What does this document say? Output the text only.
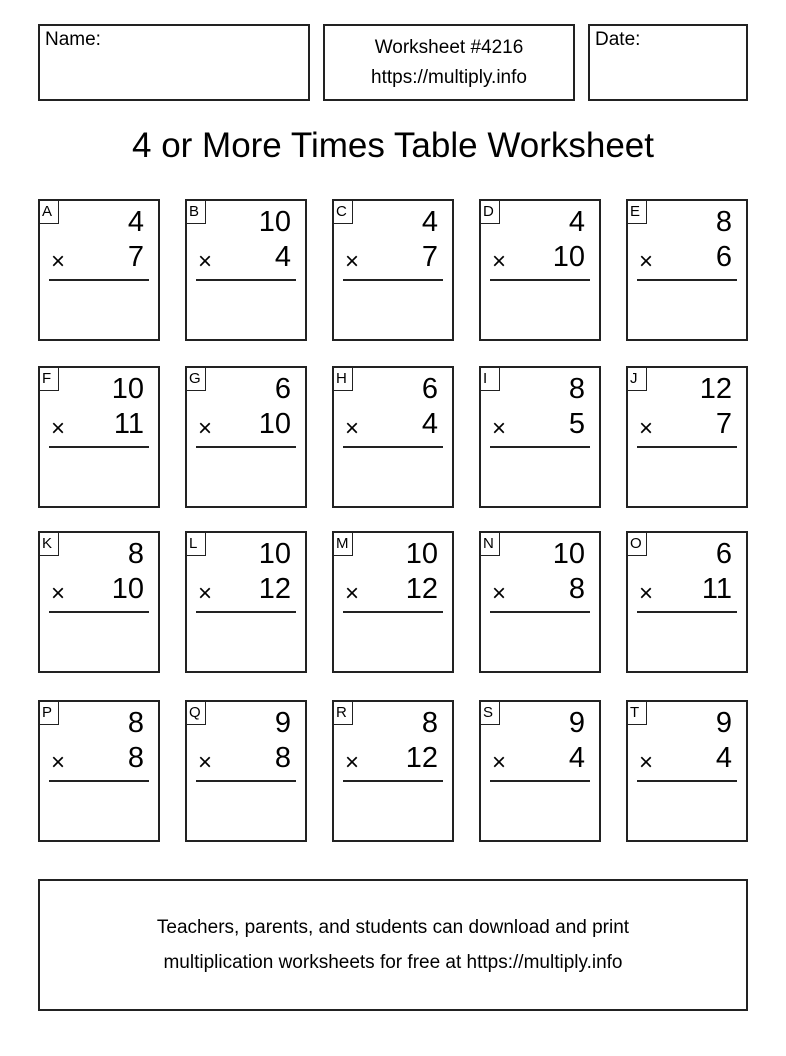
Name:	Worksheet #4216
https://multiply.info
Date:
4 or More Times Table Worksheet
A	4
× 7
B 10
× 4
C	4
× 7
D	4
× 10
E	8
× 6
F 10
× 11
G	6
× 10
H	6
× 4
I	8
× 5
J	12
× 7
K	8
× 10
L 10
× 12
M 10
× 12
N 10
× 8
O	6
× 11
P	8
× 8
Q	9
× 8
R	8
× 12
S	9
× 4
T	9
× 4
Teachers, parents, and students can download and print
multiplication worksheets for free at https://multiply.info
